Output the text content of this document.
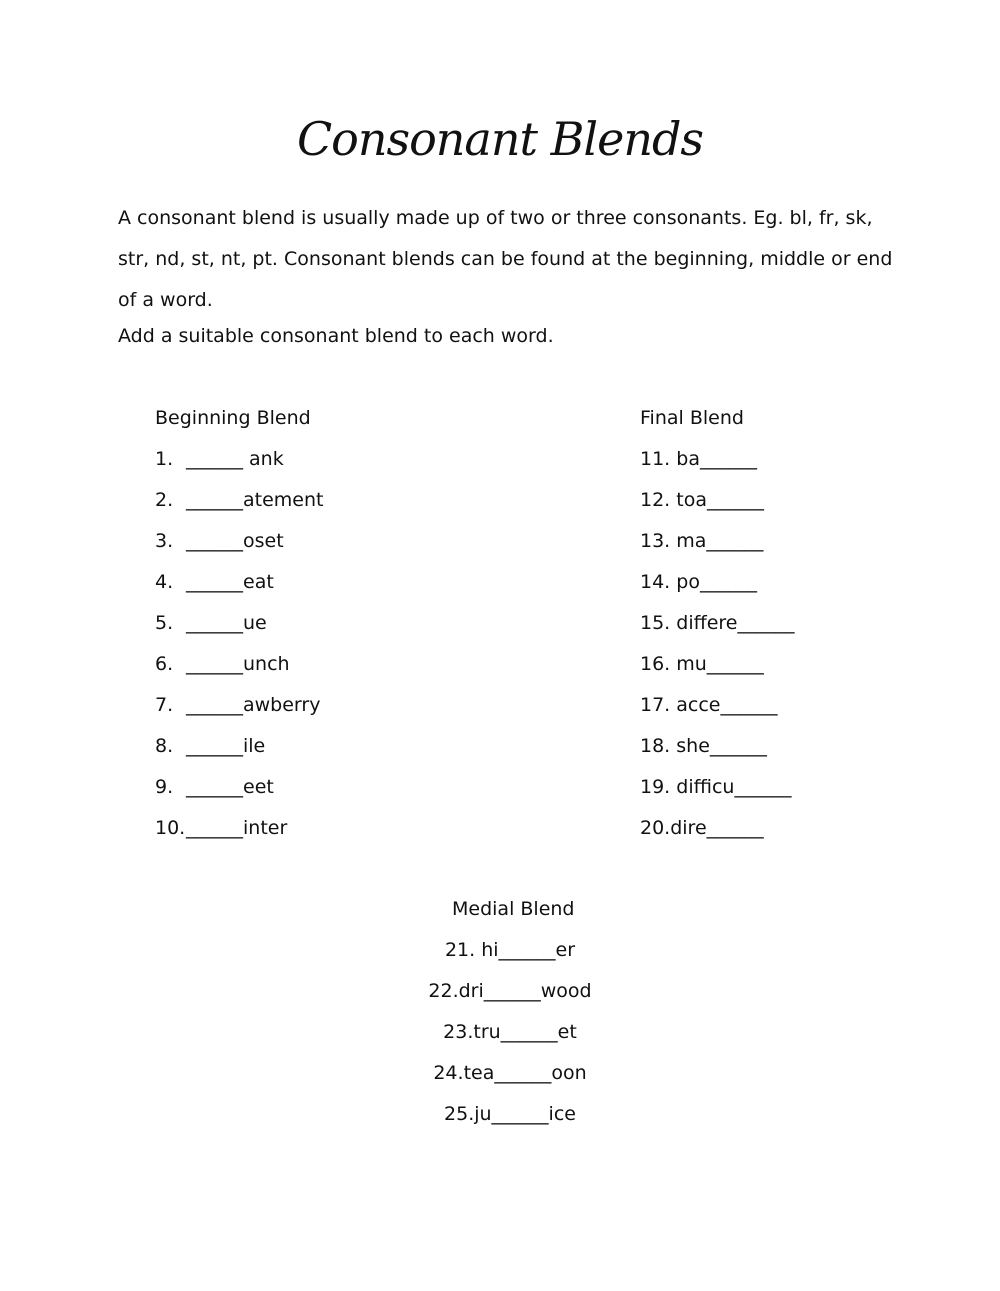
Consonant Blends

A consonant blend is usually made up of two or three consonants. Eg. bl, fr, sk, str, nd, st, nt, pt. Consonant blends can be found at the beginning, middle or end of a word.

Add a suitable consonant blend to each word.

Beginning Blend
1. ______ ank
2. ______atement
3. ______oset
4. ______eat
5. ______ue
6. ______unch
7. ______awberry
8. ______ile
9. ______eet
10.______inter
Final Blend
11. ba______
12. toa______
13. ma______
14. po______
15. differe______
16. mu______
17. acce______
18. she______
19. difficu______
20.dire______
Medial Blend
21. hi______er
22.dri______wood
23.tru______et
24.tea______oon
25.ju______ice
